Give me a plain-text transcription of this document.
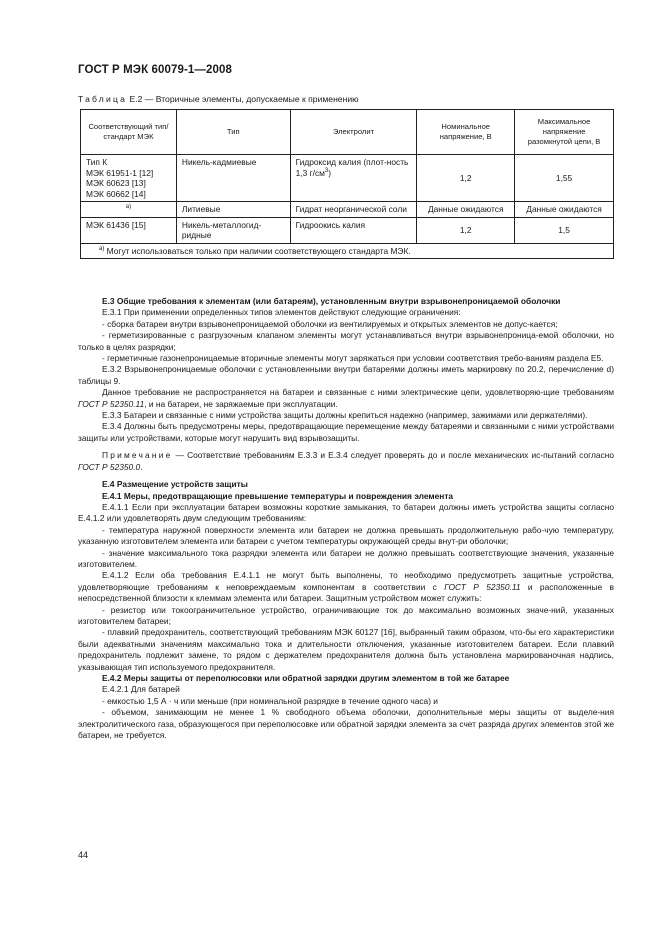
ГОСТ Р МЭК 60079-1—2008
Таблица Е.2 — Вторичные элементы, допускаемые к применению
Соответствующий тип/стандарт МЭК	Тип	Электролит	Номинальное напряжение, В	Максимальное напряжение разомкнутой цепи, В

Тип К
МЭК 61951-1 [12]
МЭК 60623 [13]
МЭК 60662 [14]	Никель-кадмиевые	Гидроксид калия (плот-ность 1,3 $г/см^3$)	1,2	1,55
$^{а)}$	Литиевые	Гидрат неорганической соли	Данные ожидаются	Данные ожидаются
МЭК 61436 [15]	Никель-металлогид-ридные	Гидроокись калия	1,2	1,5
$^{а)}$ Могут использоваться только при наличии соответствующего стандарта МЭК.				

Е.3 Общие требования к элементам (или батареям), установленным внутри взрывонепроницаемой оболочки

Е.3.1 При применении определенных типов элементов действуют следующие ограничения:

- сборка батареи внутри взрывонепроницаемой оболочки из вентилируемых и открытых элементов не допус-кается;

- герметизированные с разгрузочным клапаном элементы могут устанавливаться внутри взрывонепроница-емой оболочки, но только в целях разрядки;

- герметичные газонепроницаемые вторичные элементы могут заряжаться при условии соответствия требо-ваниям раздела Е5.

Е.3.2 Взрывонепроницаемые оболочки с установленными внутри батареями должны иметь маркировку по 20.2, перечисление d) таблицы 9.

Данное требование не распространяется на батареи и связанные с ними электрические цепи, удовлетворяю-щие требованиям ГОСТ Р 52350.11, и на батареи, не заряжаемые при эксплуатации.

Е.3.3 Батареи и связанные с ними устройства защиты должны крепиться надежно (например, зажимами или держателями).

Е.3.4 Должны быть предусмотрены меры, предотвращающие перемещение между батареями и связанными с ними устройствами защиты или устройствами, которые могут нарушить вид взрывозащиты.

Примечание — Соответствие требованиям Е.3.3 и Е.3.4 следует проверять до и после механических ис-пытаний согласно ГОСТ Р 52350.0.

Е.4 Размещение устройств защиты

Е.4.1 Меры, предотвращающие превышение температуры и повреждения элемента

Е.4.1.1 Если при эксплуатации батареи возможны короткие замыкания, то батареи должны иметь устройства защиты согласно Е.4.1.2 или удовлетворять двум следующим требованиям:

- температура наружной поверхности элемента или батареи не должна превышать продолжительную рабо-чую температуру, указанную изготовителем элемента или батареи с учетом температуры окружающей среды внут-ри оболочки;

- значение максимального тока разрядки элемента или батареи не должно превышать соответствующие значения, указанные изготовителем.

Е.4.1.2 Если оба требования Е.4.1.1 не могут быть выполнены, то необходимо предусмотреть защитные устройства, удовлетворяющие требованиям к неповреждаемым компонентам в соответствии с ГОСТ Р 52350.11 и расположенные в непосредственной близости к клеммам элемента или батареи. Защитным устройством может служить:

- резистор или токоограничительное устройство, ограничивающие ток до максимально возможных значе-ний, указанных изготовителем батареи;

- плавкий предохранитель, соответствующий требованиям МЭК 60127 [16], выбранный таким образом, что-бы его характеристики были адекватными значениям максимально тока и длительности отключения, указанные изготовителем батареи. Если плавкий предохранитель подлежит замене, то рядом с держателем предохранителя должна быть установлена маркированочная надпись, указывающая тип используемого предохранителя.

Е.4.2 Меры защиты от переполюсовки или обратной зарядки другим элементом в той же батарее

Е.4.2.1 Для батарей

- емкостью 1,5 А · ч или меньше (при номинальной разрядке в течение одного часа) и

- объемом, занимающим не менее 1 % свободного объема оболочки, дополнительные меры защиты от выделе-ния электролитического газа, образующегося при переполюсовке или обратной зарядки элемента за счет разряда других элементов этой же батареи, не требуется.

44
